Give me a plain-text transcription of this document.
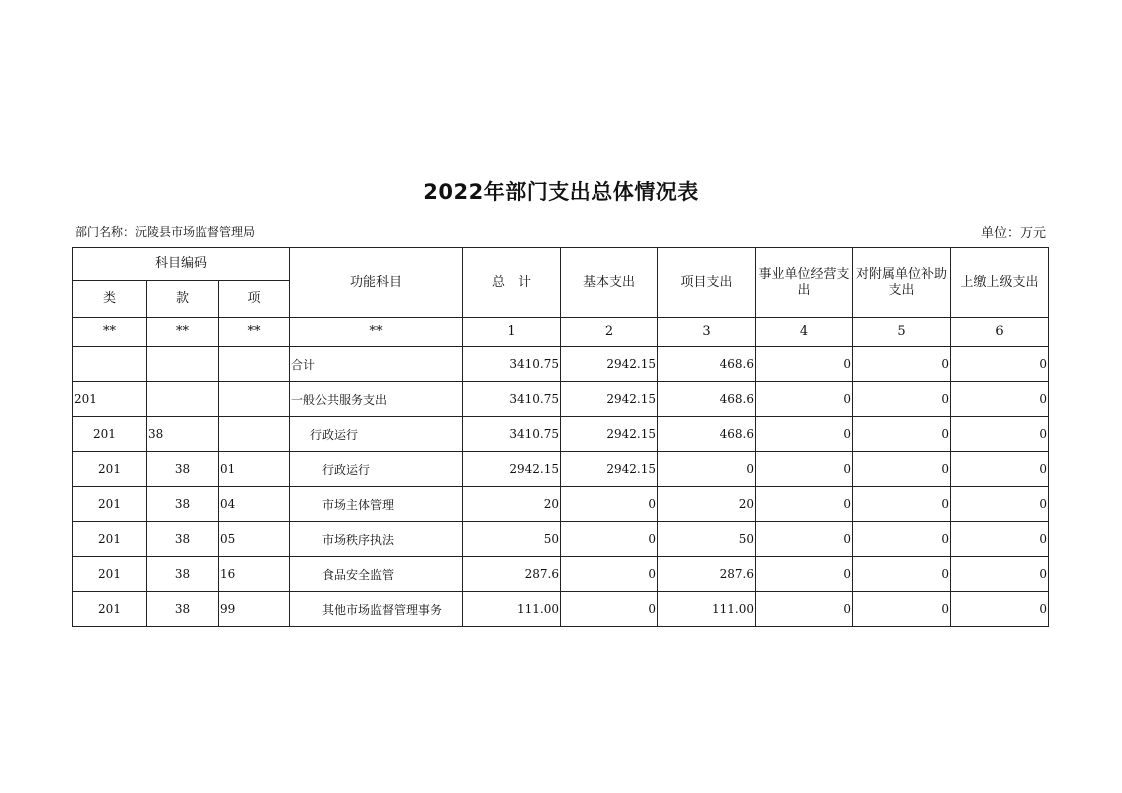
2022年部门支出总体情况表
部门名称：沅陵县市场监督管理局	单位：万元
科目编码			功能科目	总　计	基本支出	项目支出	事业单位经营支出	对附属单位补助支出	上缴上级支出
类	款	项							
**	**	**	**	1	2	3	4	5	6
			合计	3410.75	2942.15	468.6	0	0	0
201			一般公共服务支出	3410.75	2942.15	468.6	0	0	0
201	38		行政运行	3410.75	2942.15	468.6	0	0	0
201	38	01	行政运行	2942.15	2942.15	0	0	0	0
201	38	04	市场主体管理	20	0	20	0	0	0
201	38	05	市场秩序执法	50	0	50	0	0	0
201	38	16	食品安全监管	287.6	0	287.6	0	0	0
201	38	99	其他市场监督管理事务	111.00	0	111.00	0	0	0
